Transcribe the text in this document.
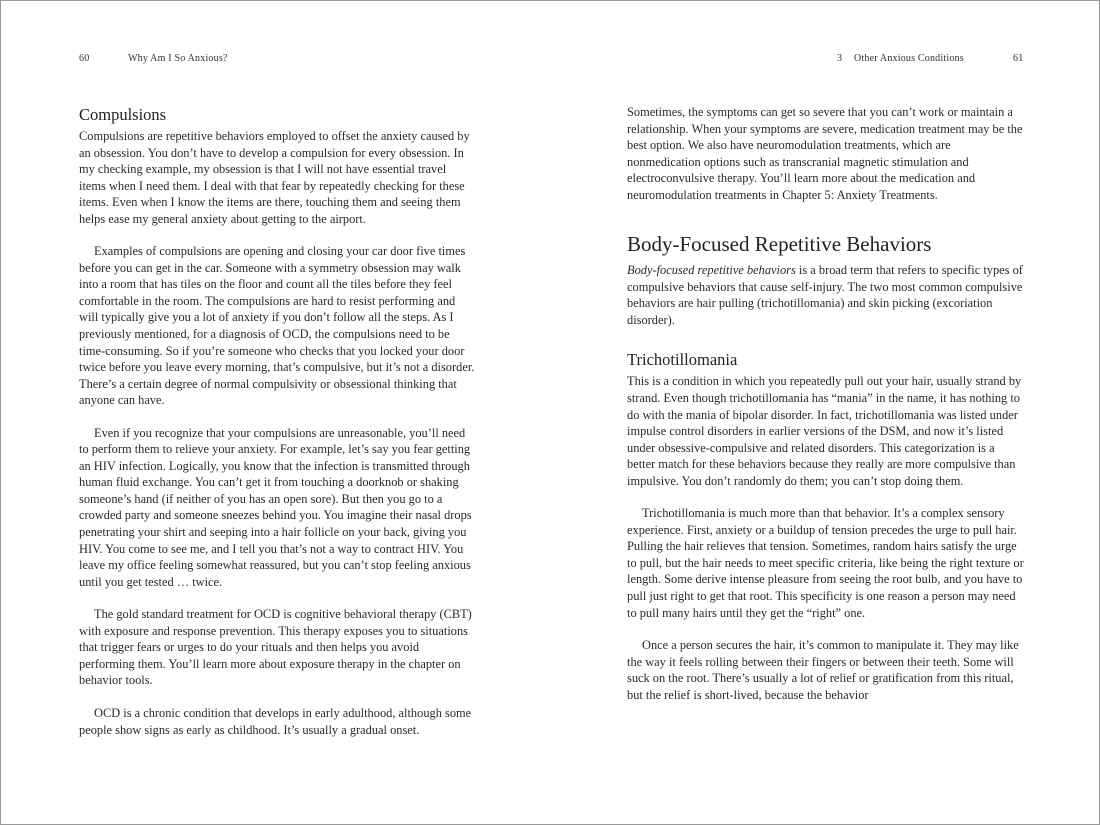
60	Why Am I So Anxious?
Compulsions

Compulsions are repetitive behaviors employed to offset the anxiety caused by an obsession. You don’t have to develop a compulsion for every obsession. In my checking example, my obsession is that I will not have essential travel items when I need them. I deal with that fear by repeatedly checking for these items. Even when I know the items are there, touching them and seeing them helps ease my general anxiety about getting to the airport.

Examples of compulsions are opening and closing your car door five times before you can get in the car. Someone with a symmetry obsession may walk into a room that has tiles on the floor and count all the tiles before they feel comfortable in the room. The compulsions are hard to resist performing and will typically give you a lot of anxiety if you don’t follow all the steps. As I previously mentioned, for a diagnosis of OCD, the compulsions need to be time-consuming. So if you’re someone who checks that you locked your door twice before you leave every morning, that’s compulsive, but it’s not a disorder. There’s a certain degree of normal compulsivity or obsessional thinking that anyone can have.

Even if you recognize that your compulsions are unreasonable, you’ll need to perform them to relieve your anxiety. For example, let’s say you fear getting an HIV infection. Logically, you know that the infection is transmitted through human fluid exchange. You can’t get it from touching a doorknob or shaking someone’s hand (if neither of you has an open sore). But then you go to a crowded party and someone sneezes behind you. You imagine their nasal drops penetrating your shirt and seeping into a hair follicle on your back, giving you HIV. You come to see me, and I tell you that’s not a way to contract HIV. You leave my office feeling somewhat reassured, but you can’t stop feeling anxious until you get tested … twice.

The gold standard treatment for OCD is cognitive behavioral therapy (CBT) with exposure and response prevention. This therapy exposes you to situations that trigger fears or urges to do your rituals and then helps you avoid performing them. You’ll learn more about exposure therapy in the chapter on behavior tools.

OCD is a chronic condition that develops in early adulthood, although some people show signs as early as childhood. It’s usually a gradual onset.

3 Other Anxious Conditions	61

Sometimes, the symptoms can get so severe that you can’t work or maintain a relationship. When your symptoms are severe, medication treatment may be the best option. We also have neuromodulation treatments, which are nonmedication options such as transcranial magnetic stimulation and electroconvulsive therapy. You’ll learn more about the medication and neuromodulation treatments in Chapter 5: Anxiety Treatments.

Body-Focused Repetitive Behaviors

Body-focused repetitive behaviors is a broad term that refers to specific types of compulsive behaviors that cause self-injury. The two most common compulsive behaviors are hair pulling (trichotillomania) and skin picking (excoriation disorder).

Trichotillomania

This is a condition in which you repeatedly pull out your hair, usually strand by strand. Even though trichotillomania has “mania” in the name, it has nothing to do with the mania of bipolar disorder. In fact, trichotillomania was listed under impulse control disorders in earlier versions of the DSM, and now it’s listed under obsessive-compulsive and related disorders. This categorization is a better match for these behaviors because they really are more compulsive than impulsive. You don’t randomly do them; you can’t stop doing them.

Trichotillomania is much more than that behavior. It’s a complex sensory experience. First, anxiety or a buildup of tension precedes the urge to pull hair. Pulling the hair relieves that tension. Sometimes, random hairs satisfy the urge to pull, but the hair needs to meet specific criteria, like being the right texture or length. Some derive intense pleasure from seeing the root bulb, and you have to pull just right to get that root. This specificity is one reason a person may need to pull many hairs until they get the “right” one.

Once a person secures the hair, it’s common to manipulate it. They may like the way it feels rolling between their fingers or between their teeth. Some will suck on the root. There’s usually a lot of relief or gratification from this ritual, but the relief is short-lived, because the behavior
